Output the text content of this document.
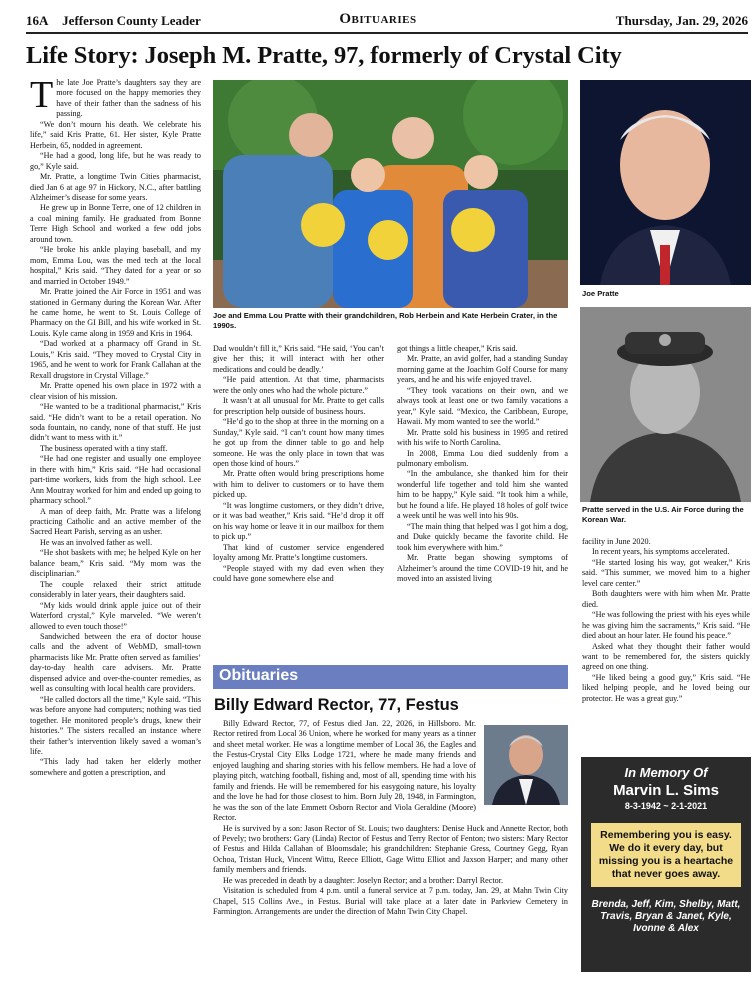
16A Jefferson County Leader	Obituaries	Thursday, Jan. 29, 2026
Life Story: Joseph M. Pratte, 97, formerly of Crystal City

The late Joe Pratte’s daughters say they are more focused on the happy memories they have of their father than the sadness of his passing.

“We don’t mourn his death. We celebrate his life,” said Kris Pratte, 61. Her sister, Kyle Pratte Herbein, 65, nodded in agreement.

“He had a good, long life, but he was ready to go,” Kyle said.

Mr. Pratte, a longtime Twin Cities pharmacist, died Jan 6 at age 97 in Hickory, N.C., after battling Alzheimer’s disease for some years.

He grew up in Bonne Terre, one of 12 children in a coal mining family. He graduated from Bonne Terre High School and worked a few odd jobs around town.

“He broke his ankle playing baseball, and my mom, Emma Lou, was the med tech at the local hospital,” Kris said. “They dated for a year or so and married in October 1949.”

Mr. Pratte joined the Air Force in 1951 and was stationed in Germany during the Korean War. After he came home, he went to St. Louis College of Pharmacy on the GI Bill, and his wife worked in St. Louis. Kyle came along in 1959 and Kris in 1964.

“Dad worked at a pharmacy off Grand in St. Louis,” Kris said. “They moved to Crystal City in 1965, and he went to work for Frank Callahan at the Rexall drugstore in Crystal Village.”

Mr. Pratte opened his own place in 1972 with a clear vision of his mission.

“He wanted to be a traditional pharmacist,” Kris said. “He didn’t want to be a retail operation. No soda fountain, no candy, none of that stuff. He just didn’t want to mess with it.”

The business operated with a tiny staff.

“He had one register and usually one employee in there with him,” Kris said. “He had occasional part-time workers, kids from the high school. Lee Ann Moutray worked for him and ended up going to pharmacy school.”

A man of deep faith, Mr. Pratte was a lifelong practicing Catholic and an active member of the Sacred Heart Parish, serving as an usher.

He was an involved father as well.

“He shot baskets with me; he helped Kyle on her balance beam,” Kris said. “My mom was the disciplinarian.”

The couple relaxed their strict attitude considerably in later years, their daughters said.

“My kids would drink apple juice out of their Waterford crystal,” Kyle marveled. “We weren’t allowed to even touch those!”

Sandwiched between the era of doctor house calls and the advent of WebMD, small-town pharmacists like Mr. Pratte often served as families’ day-to-day health care advisers. Mr. Pratte dispensed advice and over-the-counter remedies, as well as consulting with local health care providers.

“He called doctors all the time,” Kyle said. “This was before anyone had computers; nothing was tied together. He monitored people’s drugs, knew their histories.” The sisters recalled an instance where their father’s intervention likely saved a woman’s life.

“This lady had taken her elderly mother somewhere and gotten a prescription, and

Joe and Emma Lou Pratte with their grandchildren, Rob Herbein and Kate Herbein Crater, in the 1990s.

Dad wouldn’t fill it,” Kris said. “He said, ‘You can’t give her this; it will interact with her other medications and could be deadly.’

“He paid attention. At that time, pharmacists were the only ones who had the whole picture.”

It wasn’t at all unusual for Mr. Pratte to get calls for prescription help outside of business hours.

“He’d go to the shop at three in the morning on a Sunday,” Kyle said. “I can’t count how many times he got up from the dinner table to go and help someone. He was the only place in town that was open those kind of hours.”

Mr. Pratte often would bring prescriptions home with him to deliver to customers or to have them picked up.

“It was longtime customers, or they didn’t drive, or it was bad weather,” Kris said. “He’d drop it off on his way home or leave it in our mailbox for them to pick up.”

That kind of customer service engendered loyalty among Mr. Pratte’s longtime customers.

“People stayed with my dad even when they could have gone somewhere else and

got things a little cheaper,” Kris said.

Mr. Pratte, an avid golfer, had a standing Sunday morning game at the Joachim Golf Course for many years, and he and his wife enjoyed travel.

“They took vacations on their own, and we always took at least one or two family vacations a year,” Kyle said. “Mexico, the Caribbean, Europe, Hawaii. My mom wanted to see the world.”

Mr. Pratte sold his business in 1995 and retired with his wife to North Carolina.

In 2008, Emma Lou died suddenly from a pulmonary embolism.

“In the ambulance, she thanked him for their wonderful life together and told him she wanted him to be happy,” Kyle said. “It took him a while, but he found a life. He played 18 holes of golf twice a week until he was well into his 90s.

“The main thing that helped was I got him a dog, and Duke quickly became the favorite child. He took him everywhere with him.”

Mr. Pratte began showing symptoms of Alzheimer’s around the time COVID-19 hit, and he moved into an assisted living

Joe Pratte
Pratte served in the U.S. Air Force during the Korean War.

facility in June 2020.

In recent years, his symptoms accelerated.

“He started losing his way, got weaker,” Kris said. “This summer, we moved him to a higher level care center.”

Both daughters were with him when Mr. Pratte died.

“He was following the priest with his eyes while he was giving him the sacraments,” Kris said. “He died about an hour later. He found his peace.”

Asked what they thought their father would want to be remembered for, the sisters quickly agreed on one thing.

“He liked being a good guy,” Kris said. “He liked helping people, and he loved being our protector. He was a great guy.”

Obituaries
Billy Edward Rector, 77, Festus

Billy Edward Rector, 77, of Festus died Jan. 22, 2026, in Hillsboro. Mr. Rector retired from Local 36 Union, where he worked for many years as a tinner and sheet metal worker. He was a longtime member of Local 36, the Eagles and the Festus-Crystal City Elks Lodge 1721, where he made many friends and enjoyed laughing and sharing stories with his fellow members. He had a love of playing pitch, watching football, fishing and, most of all, spending time with his family and friends. He will be remembered for his easygoing nature, his loyalty and the love he had for those closest to him. Born July 28, 1948, in Farmington, he was the son of the late Emmett Osborn Rector and Viola Geraldine (Moore) Rector.

He is survived by a son: Jason Rector of St. Louis; two daughters: Denise Huck and Annette Rector, both of Pevely; two brothers: Gary (Linda) Rector of Festus and Terry Rector of Fenton; two sisters: Mary Rector of Festus and Hilda Callahan of Bloomsdale; his grandchildren: Stephanie Gress, Courtney Gegg, Ryan Ochoa, Tristan Huck, Vincent Wittu, Reece Elliott, Gage Wittu Elliot and Jaxson Harper; and many other family members and friends.

He was preceded in death by a daughter: Joselyn Rector; and a brother: Darryl Rector.

Visitation is scheduled from 4 p.m. until a funeral service at 7 p.m. today, Jan. 29, at Mahn Twin City Chapel, 515 Collins Ave., in Festus. Burial will take place at a later date in Parkview Cemetery in Farmington. Arrangements are under the direction of Mahn Twin City Chapel.

In Memory Of
Marvin L. Sims
8-3-1942 ~ 2-1-2021
Remembering you is easy. We do it every day, but missing you is a heartache that never goes away.
Brenda, Jeff, Kim, Shelby, Matt, Travis, Bryan & Janet, Kyle, Ivonne & Alex
